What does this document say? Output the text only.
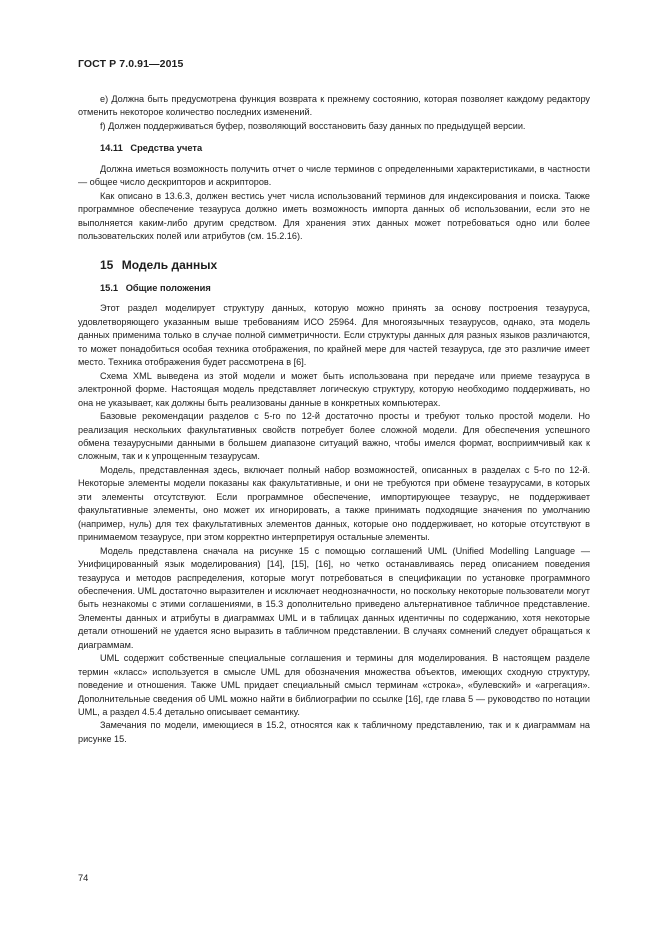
ГОСТ Р 7.0.91—2015

е) Должна быть предусмотрена функция возврата к прежнему состоянию, которая позволяет каждому редактору отменить некоторое количество последних изменений.

f) Должен поддерживаться буфер, позволяющий восстановить базу данных по предыдущей версии.

14.11 Средства учета

Должна иметься возможность получить отчет о числе терминов с определенными характеристиками, в частности — общее число дескрипторов и аскрипторов.

Как описано в 13.6.3, должен вестись учет числа использований терминов для индексирования и поиска. Также программное обеспечение тезауруса должно иметь возможность импорта данных об использовании, если это не выполняется каким-либо другим средством. Для хранения этих данных может потребоваться одно или более пользовательских полей или атрибутов (см. 15.2.16).

15 Модель данных
15.1 Общие положения

Этот раздел моделирует структуру данных, которую можно принять за основу построения тезауруса, удовлетворяющего указанным выше требованиям ИСО 25964. Для многоязычных тезаурусов, однако, эта модель данных применима только в случае полной симметричности. Если структуры данных для разных языков различаются, то может понадобиться особая техника отображения, по крайней мере для частей тезауруса, где это различие имеет место. Техника отображения будет рассмотрена в [6].

Схема XML выведена из этой модели и может быть использована при передаче или приеме тезауруса в электронной форме. Настоящая модель представляет логическую структуру, которую необходимо поддерживать, но она не указывает, как должны быть реализованы данные в конкретных компьютерах.

Базовые рекомендации разделов с 5-го по 12-й достаточно просты и требуют только простой модели. Но реализация нескольких факультативных свойств потребует более сложной модели. Для обеспечения успешного обмена тезаурусными данными в большем диапазоне ситуаций важно, чтобы имелся формат, восприимчивый как к сложным, так и к упрощенным тезаурусам.

Модель, представленная здесь, включает полный набор возможностей, описанных в разделах с 5-го по 12-й. Некоторые элементы модели показаны как факультативные, и они не требуются при обмене тезаурусами, в которых эти элементы отсутствуют. Если программное обеспечение, импортирующее тезаурус, не поддерживает факультативные элементы, оно может их игнорировать, а также принимать подходящие значения по умолчанию (например, нуль) для тех факультативных элементов данных, которые оно поддерживает, но которые отсутствуют в принимаемом тезаурусе, при этом корректно интерпретируя остальные элементы.

Модель представлена сначала на рисунке 15 с помощью соглашений UML (Unified Modelling Language — Унифицированный язык моделирования) [14], [15], [16], но четко останавливаясь перед описанием поведения тезауруса и методов распределения, которые могут потребоваться в спецификации по установке программного обеспечения. UML достаточно выразителен и исключает неоднозначности, но поскольку некоторые пользователи могут быть незнакомы с этими соглашениями, в 15.3 дополнительно приведено альтернативное табличное представление. Элементы данных и атрибуты в диаграммах UML и в таблицах данных идентичны по содержанию, хотя некоторые детали отношений не удается ясно выразить в табличном представлении. В случаях сомнений следует обращаться к диаграммам.

UML содержит собственные специальные соглашения и термины для моделирования. В настоящем разделе термин «класс» используется в смысле UML для обозначения множества объектов, имеющих сходную структуру, поведение и отношения. Также UML придает специальный смысл терминам «строка», «булевский» и «агрегация». Дополнительные сведения об UML можно найти в библиографии по ссылке [16], где глава 5 — руководство по нотации UML, а раздел 4.5.4 детально описывает семантику.

Замечания по модели, имеющиеся в 15.2, относятся как к табличному представлению, так и к диаграммам на рисунке 15.

74
